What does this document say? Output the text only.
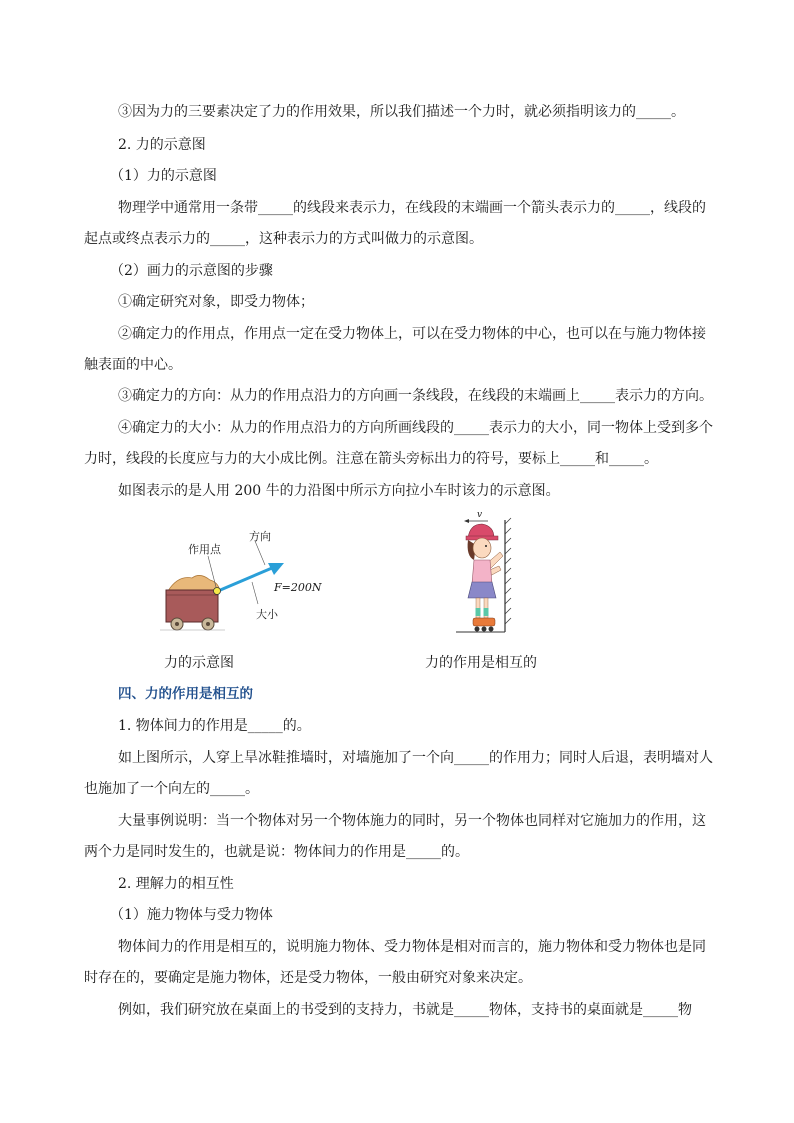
③因为力的三要素决定了力的作用效果，所以我们描述一个力时，就必须指明该力的_____。
2. 力的示意图
（1）力的示意图
物理学中通常用一条带_____的线段来表示力，在线段的末端画一个箭头表示力的_____，线段的
起点或终点表示力的_____，这种表示力的方式叫做力的示意图。
（2）画力的示意图的步骤
①确定研究对象，即受力物体；
②确定力的作用点，作用点一定在受力物体上，可以在受力物体的中心，也可以在与施力物体接
触表面的中心。
③确定力的方向：从力的作用点沿力的方向画一条线段，在线段的末端画上_____表示力的方向。
④确定力的大小：从力的作用点沿力的方向所画线段的_____表示力的大小，同一物体上受到多个
力时，线段的长度应与力的大小成比例。注意在箭头旁标出力的符号，要标上_____和_____。
如图表示的是人用 200 牛的力沿图中所示方向拉小车时该力的示意图。
作用点
方向
F=200N
大小
力的示意图
v
力的作用是相互的
四、力的作用是相互的
1. 物体间力的作用是_____的。
如上图所示，人穿上旱冰鞋推墙时，对墙施加了一个向_____的作用力；同时人后退，表明墙对人
也施加了一个向左的_____。
大量事例说明：当一个物体对另一个物体施力的同时，另一个物体也同样对它施加力的作用，这
两个力是同时发生的，也就是说：物体间力的作用是_____的。
2. 理解力的相互性
（1）施力物体与受力物体
物体间力的作用是相互的，说明施力物体、受力物体是相对而言的，施力物体和受力物体也是同
时存在的，要确定是施力物体，还是受力物体，一般由研究对象来决定。
例如，我们研究放在桌面上的书受到的支持力，书就是_____物体，支持书的桌面就是_____物
